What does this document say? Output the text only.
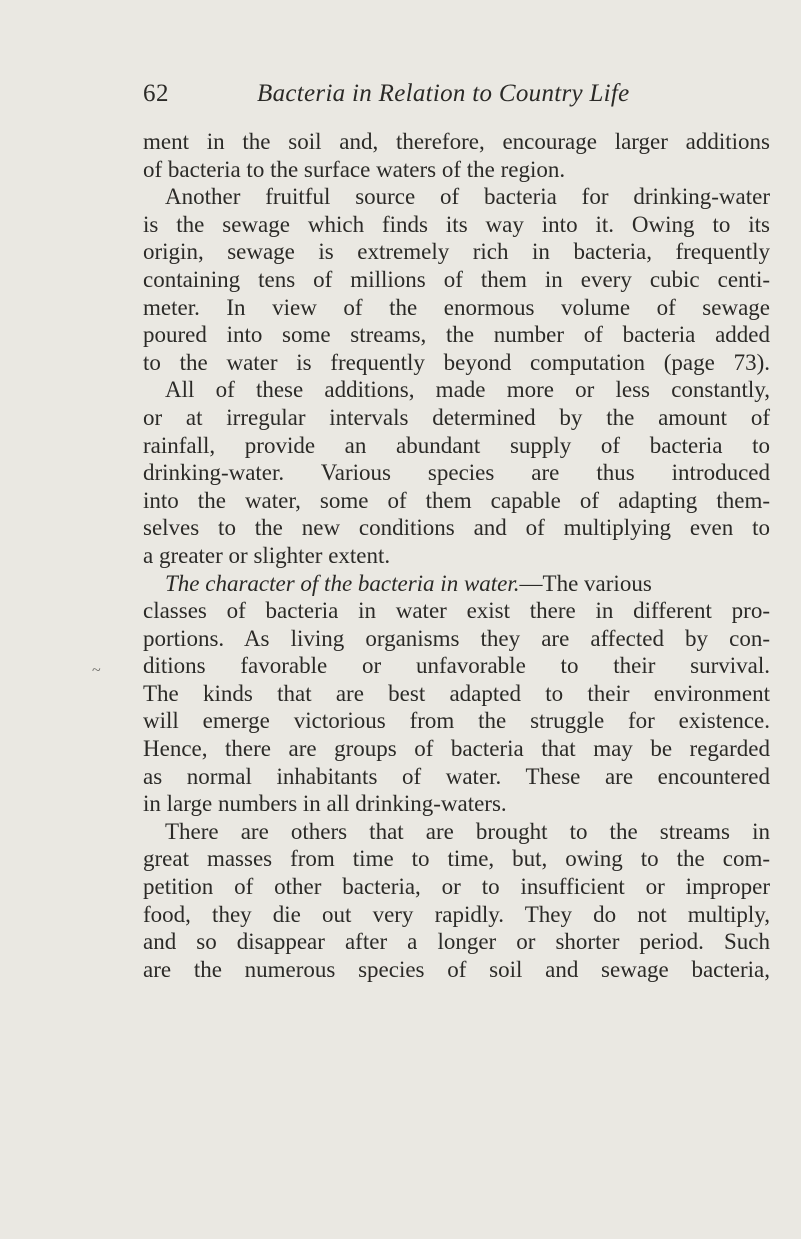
62	Bacteria in Relation to Country Life
~
ment in the soil and, therefore, encourage larger additions
of bacteria to the surface waters of the region.
Another fruitful source of bacteria for drinking-water
is the sewage which finds its way into it. Owing to its
origin, sewage is extremely rich in bacteria, frequently
containing tens of millions of them in every cubic centi-
meter. In view of the enormous volume of sewage
poured into some streams, the number of bacteria added
to the water is frequently beyond computation (page 73).
All of these additions, made more or less constantly,
or at irregular intervals determined by the amount of
rainfall, provide an abundant supply of bacteria to
drinking-water. Various species are thus introduced
into the water, some of them capable of adapting them-
selves to the new conditions and of multiplying even to
a greater or slighter extent.
The character of the bacteria in water.—The various
classes of bacteria in water exist there in different pro-
portions. As living organisms they are affected by con-
ditions favorable or unfavorable to their survival.
The kinds that are best adapted to their environment
will emerge victorious from the struggle for existence.
Hence, there are groups of bacteria that may be regarded
as normal inhabitants of water. These are encountered
in large numbers in all drinking-waters.
There are others that are brought to the streams in
great masses from time to time, but, owing to the com-
petition of other bacteria, or to insufficient or improper
food, they die out very rapidly. They do not multiply,
and so disappear after a longer or shorter period. Such
are the numerous species of soil and sewage bacteria,
